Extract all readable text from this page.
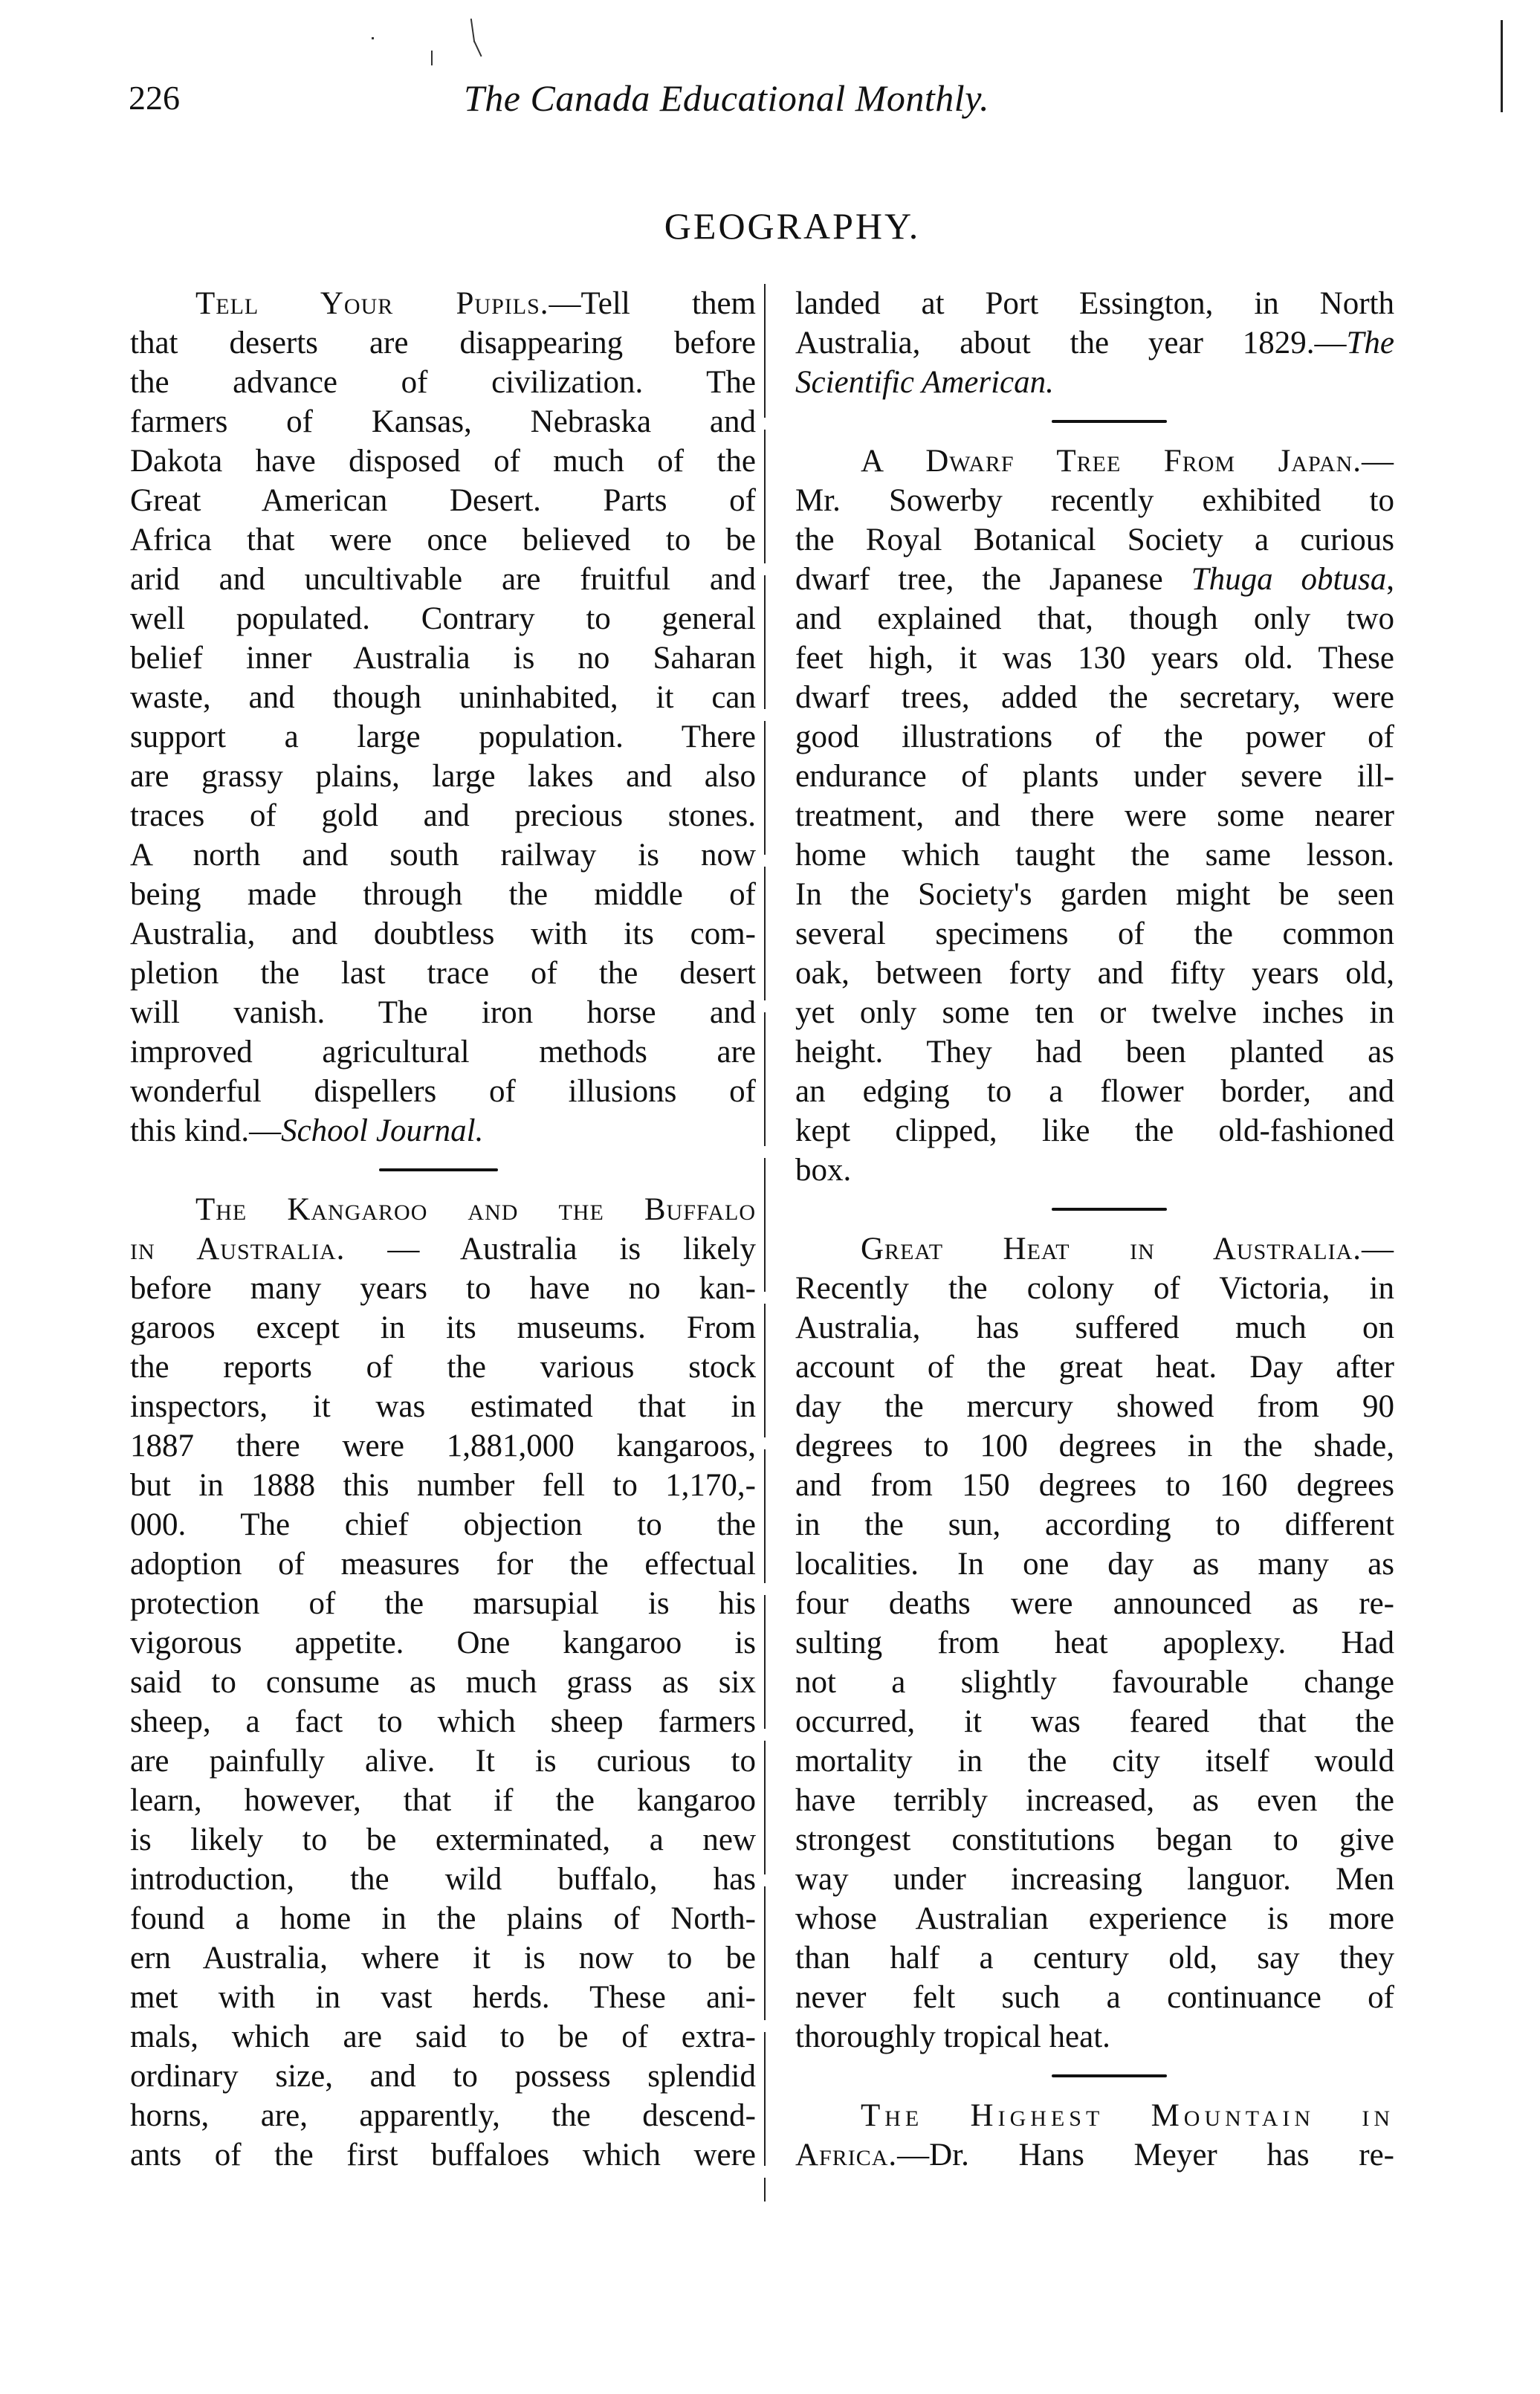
226	The Canada Educational Monthly.
GEOGRAPHY.
Tell Your Pupils.—Tell them
that deserts are disappearing before
the advance of civilization. The
farmers of Kansas, Nebraska and
Dakota have disposed of much of the
Great American Desert. Parts of
Africa that were once believed to be
arid and uncultivable are fruitful and
well populated. Contrary to general
belief inner Australia is no Saharan
waste, and though uninhabited, it can
support a large population. There
are grassy plains, large lakes and also
traces of gold and precious stones.
A north and south railway is now
being made through the middle of
Australia, and doubtless with its com-
pletion the last trace of the desert
will vanish. The iron horse and
improved agricultural methods are
wonderful dispellers of illusions of
this kind.—School Journal.
The Kangaroo and the Buffalo
in Australia. — Australia is likely
before many years to have no kan-
garoos except in its museums. From
the reports of the various stock
inspectors, it was estimated that in
1887 there were 1,881,000 kangaroos,
but in 1888 this number fell to 1,170,-
000. The chief objection to the
adoption of measures for the effectual
protection of the marsupial is his
vigorous appetite. One kangaroo is
said to consume as much grass as six
sheep, a fact to which sheep farmers
are painfully alive. It is curious to
learn, however, that if the kangaroo
is likely to be exterminated, a new
introduction, the wild buffalo, has
found a home in the plains of North-
ern Australia, where it is now to be
met with in vast herds. These ani-
mals, which are said to be of extra-
ordinary size, and to possess splendid
horns, are, apparently, the descend-
ants of the first buffaloes which were
landed at Port Essington, in North
Australia, about the year 1829.—The
Scientific American.
A Dwarf Tree From Japan.—
Mr. Sowerby recently exhibited to
the Royal Botanical Society a curious
dwarf tree, the Japanese Thuga obtusa,
and explained that, though only two
feet high, it was 130 years old. These
dwarf trees, added the secretary, were
good illustrations of the power of
endurance of plants under severe ill-
treatment, and there were some nearer
home which taught the same lesson.
In the Society's garden might be seen
several specimens of the common
oak, between forty and fifty years old,
yet only some ten or twelve inches in
height. They had been planted as
an edging to a flower border, and
kept clipped, like the old-fashioned
box.
Great Heat in Australia.—
Recently the colony of Victoria, in
Australia, has suffered much on
account of the great heat. Day after
day the mercury showed from 90
degrees to 100 degrees in the shade,
and from 150 degrees to 160 degrees
in the sun, according to different
localities. In one day as many as
four deaths were announced as re-
sulting from heat apoplexy. Had
not a slightly favourable change
occurred, it was feared that the
mortality in the city itself would
have terribly increased, as even the
strongest constitutions began to give
way under increasing languor. Men
whose Australian experience is more
than half a century old, say they
never felt such a continuance of
thoroughly tropical heat.
The Highest Mountain in
Africa.—Dr. Hans Meyer has re-
